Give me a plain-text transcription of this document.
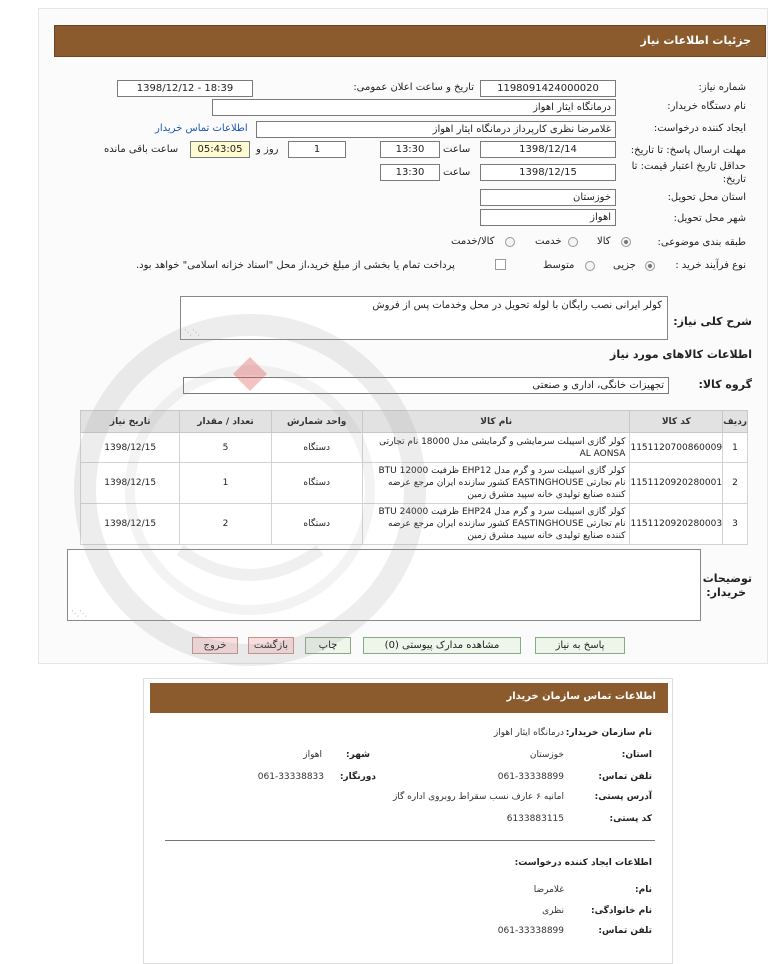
جزئیات اطلاعات نیاز
شماره نیاز:
1198091424000020
تاریخ و ساعت اعلان عمومی:
1398/12/12 - 18:39
نام دستگاه خریدار:
درمانگاه ایثار اهواز
ایجاد کننده درخواست:
غلامرضا نظری کارپرداز درمانگاه ایثار اهواز
اطلاعات تماس خریدار
مهلت ارسال پاسخ: تا تاریخ:
1398/12/14
ساعت
13:30
1
روز و
05:43:05
ساعت باقی مانده
حداقل تاریخ اعتبار قیمت: تا
تاریخ:
1398/12/15
ساعت
13:30
استان محل تحویل:
خوزستان
شهر محل تحویل:
اهواز
طبقه بندی موضوعی:
کالا
خدمت
کالا/خدمت
نوع فرآیند خرید :
جزیی
متوسط
پرداخت تمام یا بخشی از مبلغ خرید،از محل "اسناد خزانه اسلامی" خواهد بود.
شرح کلی نیاز:
کولر ایرانی نصب رایگان با لوله تحویل در محل وخدمات پس از فروش
⋰⋰
اطلاعات کالاهای مورد نیاز
گروه کالا:
تجهیزات خانگی، اداری و صنعتی
ردیف	کد کالا	نام کالا	واحد شمارش	تعداد / مقدار	تاریخ نیاز
1	1151120700860009	کولر گازی اسپیلت سرمایشی و گرمایشی مدل 18000 نام تجارتی AL AONSA	دستگاه	5	1398/12/15
2	1151120920280001	کولر گازی اسپیلت سرد و گرم مدل EHP12 ظرفیت BTU 12000 نام تجارتی EASTINGHOUSE کشور سازنده ایران مرجع عرضه کننده صنایع تولیدی خانه سپید مشرق زمین	دستگاه	1	1398/12/15
3	1151120920280003	کولر گازی اسپیلت سرد و گرم مدل EHP24 ظرفیت BTU 24000 نام تجارتی EASTINGHOUSE کشور سازنده ایران مرجع عرضه کننده صنایع تولیدی خانه سپید مشرق زمین	دستگاه	2	1398/12/15
توضیحات
خریدار:
⋰⋰
پاسخ به نیاز
مشاهده مدارک پیوستی (0)
چاپ
بازگشت
خروج
اطلاعات تماس سازمان خریدار
نام سازمان خریدار:
درمانگاه ایثار اهواز
استان:
خوزستان
شهر:
اهواز
تلفن تماس:
061-33338899
دورنگار:
061-33338833
آدرس پستی:
امانیه ۶ عارف نسب سقراط روبروی اداره گاز
کد پستی:
6133883115
اطلاعات ایجاد کننده درخواست:
نام:
غلامرضا
نام خانوادگی:
نظری
تلفن تماس:
061-33338899
